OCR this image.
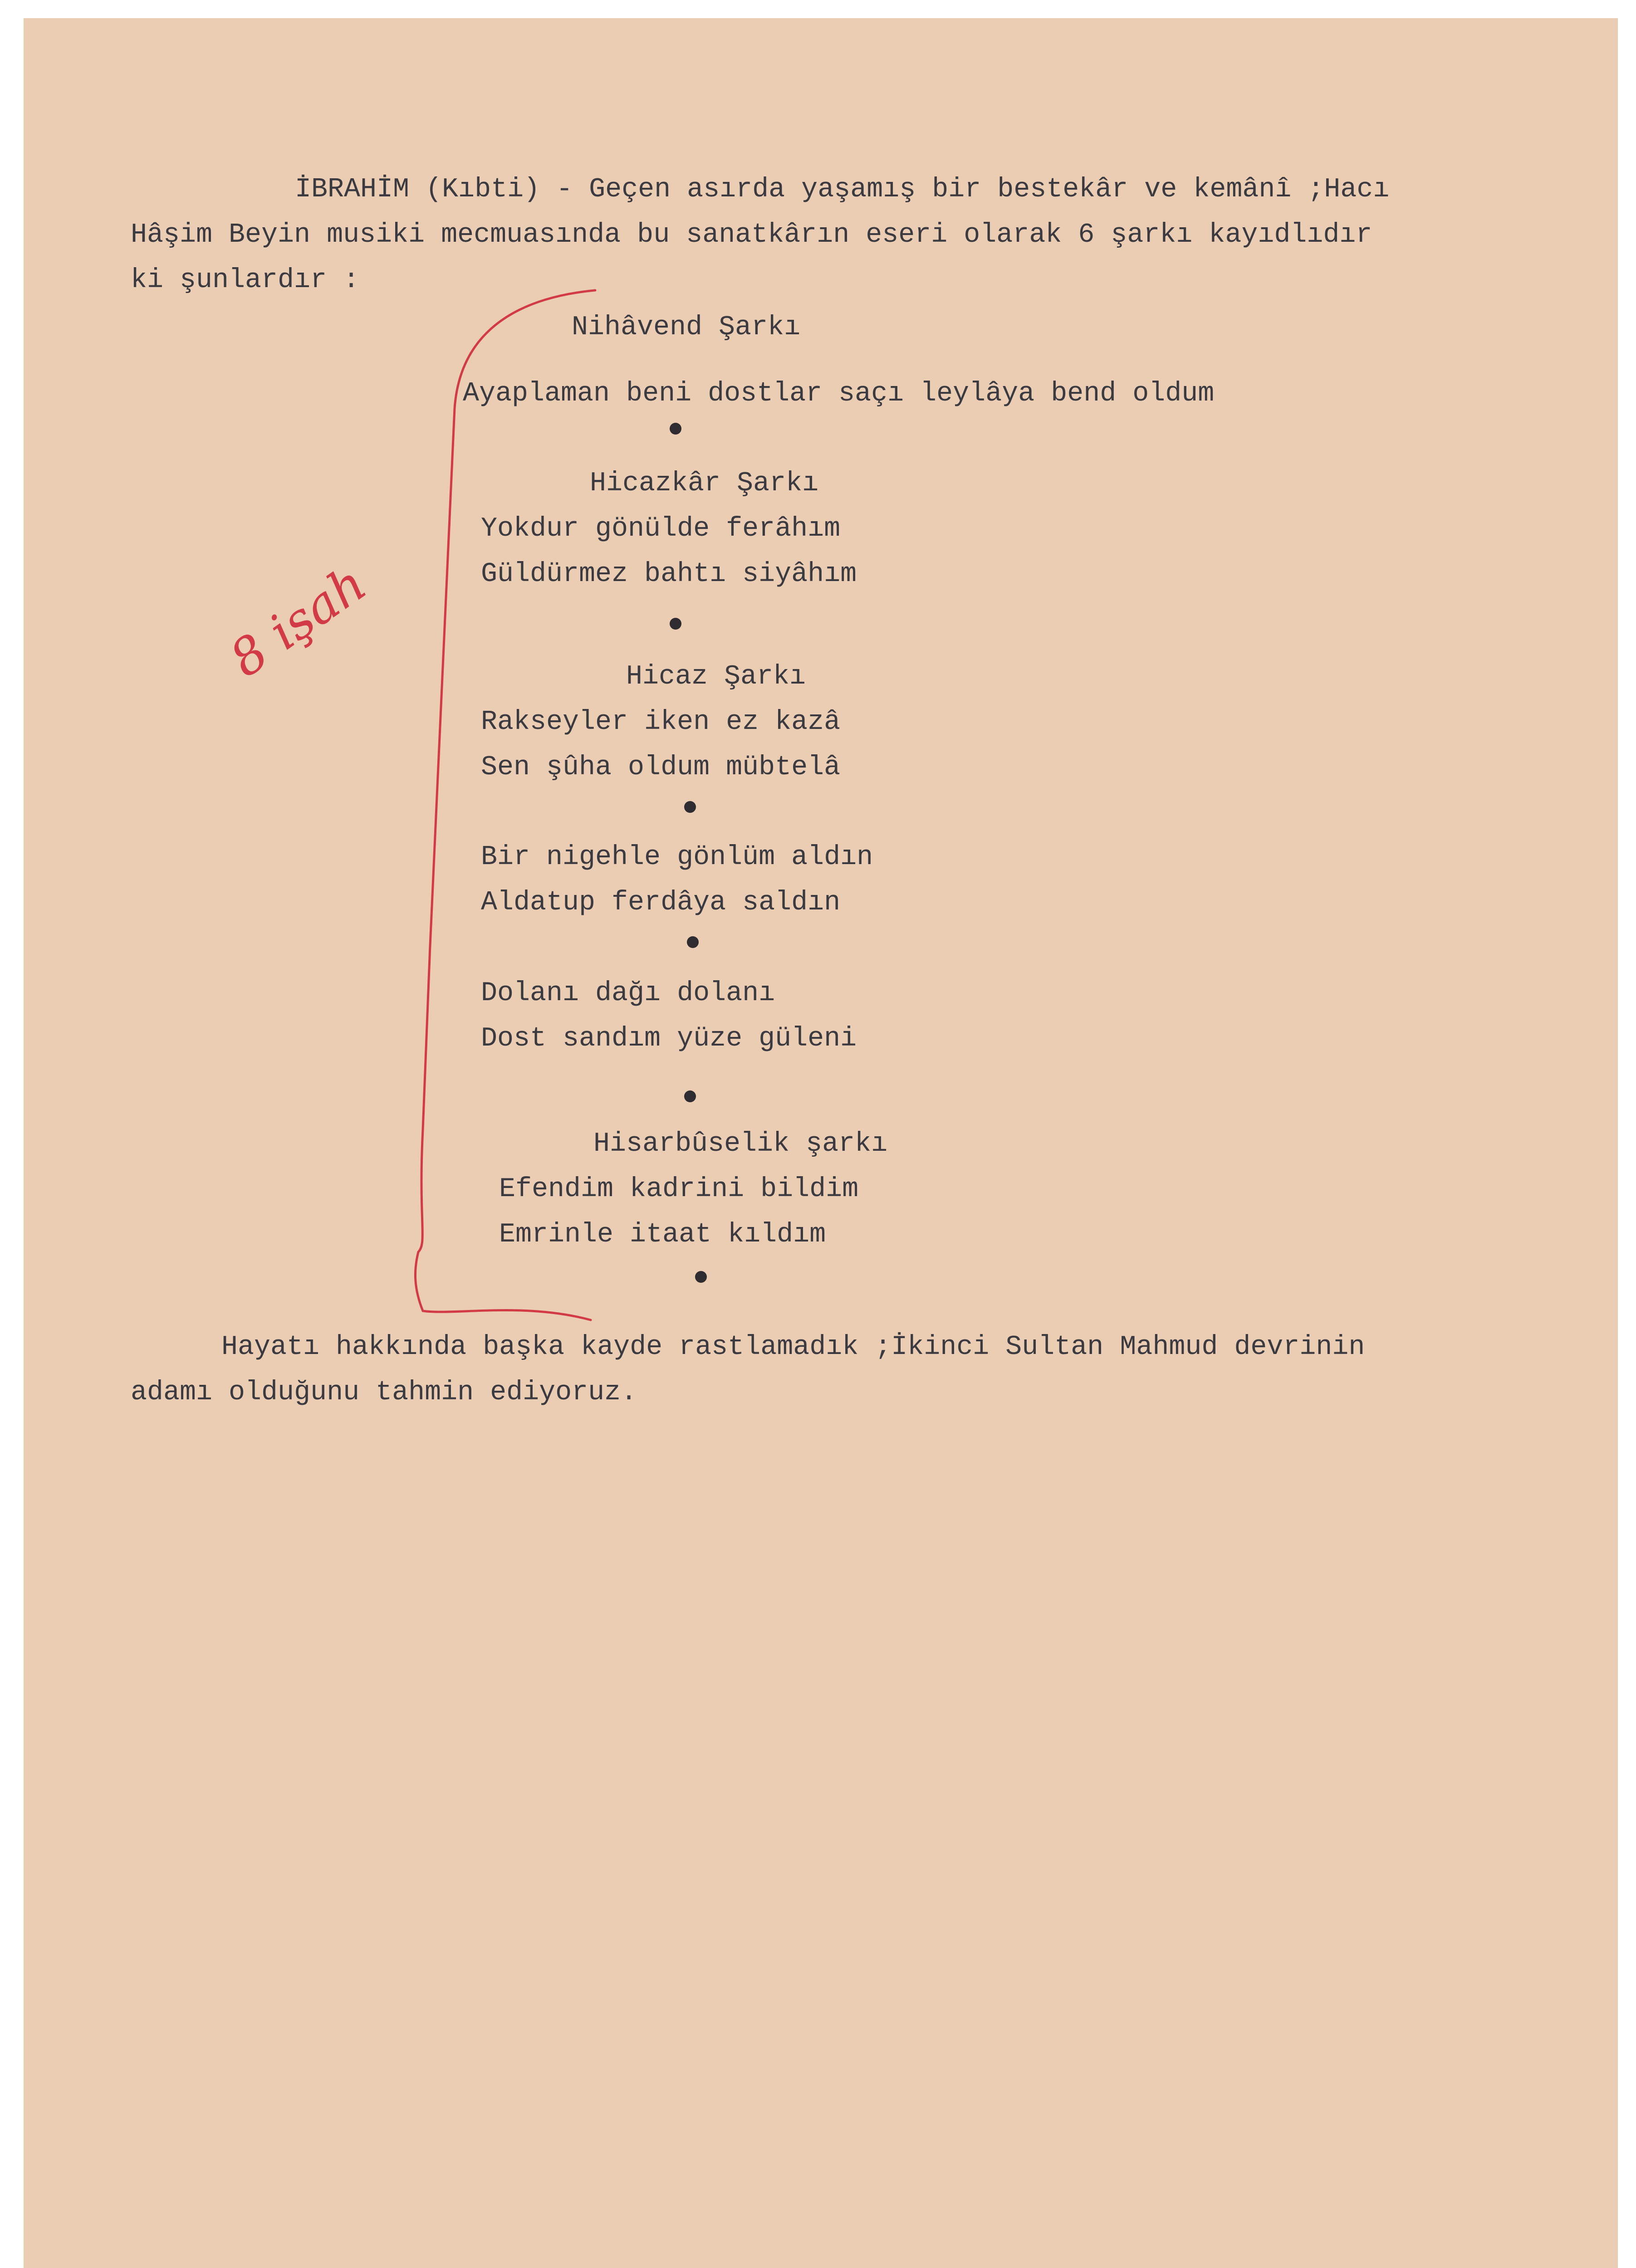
İBRAHİM (Kıbti) - Geçen asırda yaşamış bir bestekâr ve kemânî ;Hacı

Hâşim Beyin musiki mecmuasında bu sanatkârın eseri olarak 6 şarkı kayıdlıdır

ki şunlardır :

Nihâvend Şarkı

Ayaplaman beni dostlar saçı leylâya bend oldum

Hicazkâr Şarkı

Yokdur gönülde ferâhım

Güldürmez bahtı siyâhım

Hicaz Şarkı

Rakseyler iken ez kazâ

Sen şûha oldum mübtelâ

Bir nigehle gönlüm aldın

Aldatup ferdâya saldın

Dolanı dağı dolanı

Dost sandım yüze güleni

Hisarbûselik şarkı

Efendim kadrini bildim

Emrinle itaat kıldım

8 işah

Hayatı hakkında başka kayde rastlamadık ;İkinci Sultan Mahmud devrinin

adamı olduğunu tahmin ediyoruz.
